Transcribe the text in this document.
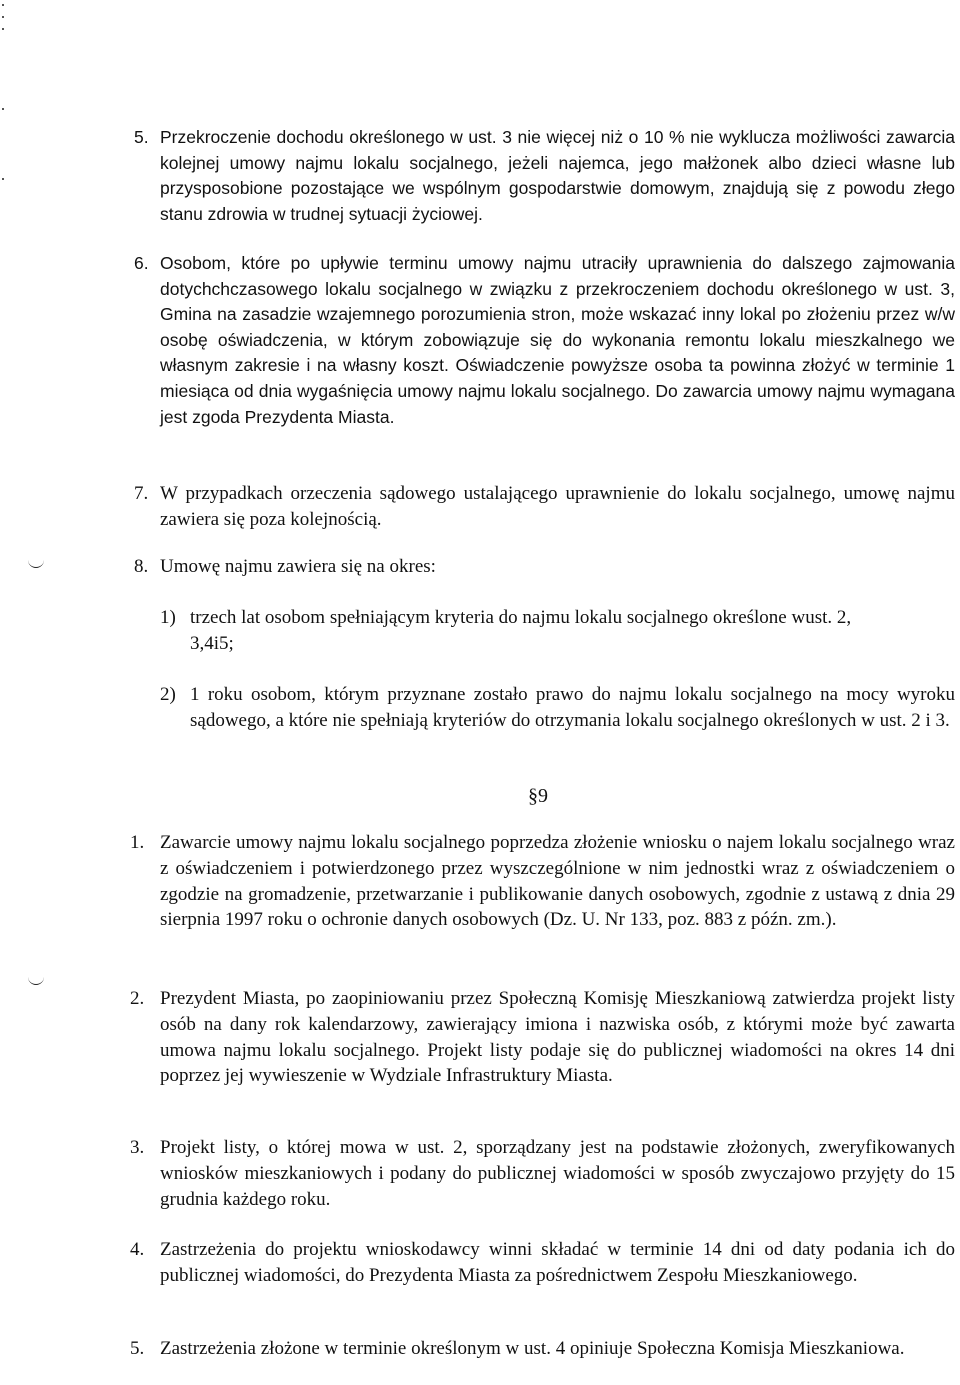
5. Przekroczenie dochodu określonego w ust. 3 nie więcej niż o 10 % nie wyklucza możliwości zawarcia kolejnej umowy najmu lokalu socjalnego, jeżeli najemca, jego małżonek albo dzieci własne lub przysposobione pozostające we wspólnym gospodarstwie domowym, znajdują się z powodu złego stanu zdrowia w trudnej sytuacji życiowej.
6. Osobom, które po upływie terminu umowy najmu utraciły uprawnienia do dalszego zajmowania dotychchczasowego lokalu socjalnego w związku z przekroczeniem dochodu określonego w ust. 3, Gmina na zasadzie wzajemnego porozumienia stron, może wskazać inny lokal po złożeniu przez w/w osobę oświadczenia, w którym zobowiązuje się do wykonania remontu lokalu mieszkalnego we własnym zakresie i na własny koszt. Oświadczenie powyższe osoba ta powinna złożyć w terminie 1 miesiąca od dnia wygaśnięcia umowy najmu lokalu socjalnego. Do zawarcia umowy najmu wymagana jest zgoda Prezydenta Miasta.
7. W przypadkach orzeczenia sądowego ustalającego uprawnienie do lokalu socjalnego, umowę najmu zawiera się poza kolejnością.
8. Umowę najmu zawiera się na okres:
1) trzech lat osobom spełniającym kryteria do najmu lokalu socjalnego określone wust. 2, 3,4i5;
2) 1 roku osobom, którym przyznane zostało prawo do najmu lokalu socjalnego na mocy wyroku sądowego, a które nie spełniają kryteriów do otrzymania lokalu socjalnego określonych w ust. 2 i 3.
§9
1. Zawarcie umowy najmu lokalu socjalnego poprzedza złożenie wniosku o najem lokalu socjalnego wraz z oświadczeniem i potwierdzonego przez wyszczególnione w nim jednostki wraz z oświadczeniem o zgodzie na gromadzenie, przetwarzanie i publikowanie danych osobowych, zgodnie z ustawą z dnia 29 sierpnia 1997 roku o ochronie danych osobowych (Dz. U. Nr 133, poz. 883 z późn. zm.).
2. Prezydent Miasta, po zaopiniowaniu przez Społeczną Komisję Mieszkaniową zatwierdza projekt listy osób na dany rok kalendarzowy, zawierający imiona i nazwiska osób, z którymi może być zawarta umowa najmu lokalu socjalnego. Projekt listy podaje się do publicznej wiadomości na okres 14 dni poprzez jej wywieszenie w Wydziale Infrastruktury Miasta.
3. Projekt listy, o której mowa w ust. 2, sporządzany jest na podstawie złożonych, zweryfikowanych wniosków mieszkaniowych i podany do publicznej wiadomości w sposób zwyczajowo przyjęty do 15 grudnia każdego roku.
4. Zastrzeżenia do projektu wnioskodawcy winni składać w terminie 14 dni od daty podania ich do publicznej wiadomości, do Prezydenta Miasta za pośrednictwem Zespołu Mieszkaniowego.
5. Zastrzeżenia złożone w terminie określonym w ust. 4 opiniuje Społeczna Komisja Mieszkaniowa.
